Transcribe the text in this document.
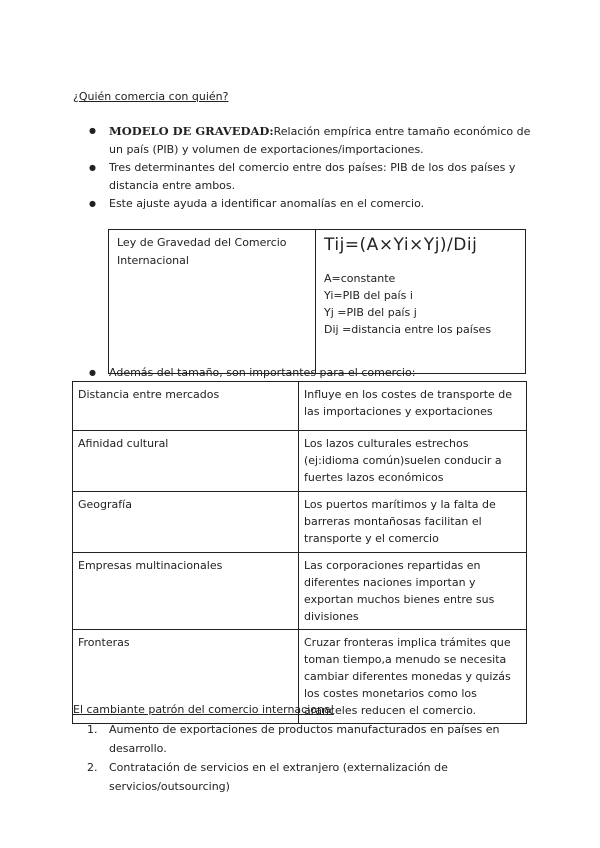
¿Quién comercia con quién?
● MODELO DE GRAVEDAD:Relación empírica entre tamaño económico de un país (PIB) y volumen de exportaciones/importaciones.
● Tres determinantes del comercio entre dos países: PIB de los dos países y distancia entre ambos.
● Este ajuste ayuda a identificar anomalías en el comercio.
Ley de Gravedad del Comercio Internacional	
Tij=(A×Yi×Yj)/Dij
A=constante
Yi=PIB del país i
Yj =PIB del país j
Dij =distancia entre los países
● Además del tamaño, son importantes para el comercio:
Distancia entre mercados	Influye en los costes de transporte de las importaciones y exportaciones
Afinidad cultural	Los lazos culturales estrechos (ej:idioma común)suelen conducir a fuertes lazos económicos
Geografía	Los puertos marítimos y la falta de barreras montañosas facilitan el transporte y el comercio
Empresas multinacionales	Las corporaciones repartidas en diferentes naciones importan y exportan muchos bienes entre sus divisiones
Fronteras	Cruzar fronteras implica trámites que toman tiempo,a menudo se necesita cambiar diferentes monedas y quizás los costes monetarios como los aranceles reducen el comercio.
El cambiante patrón del comercio internacional
1. Aumento de exportaciones de productos manufacturados en países en desarrollo.
2. Contratación de servicios en el extranjero (externalización de servicios/outsourcing)
